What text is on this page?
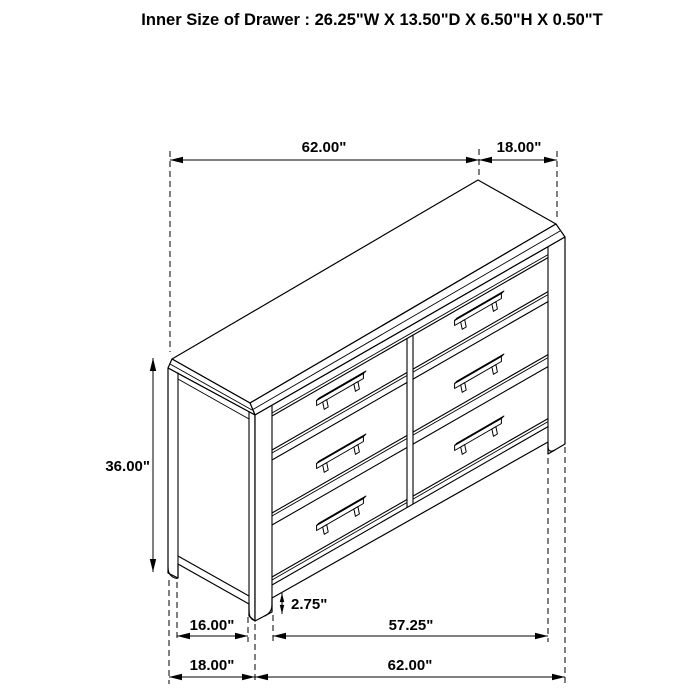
Inner Size of Drawer : 26.25"W X 13.50"D X 6.50"H X 0.50"T
62.00"	18.00"
36.00"
2.75"
16.00"	57.25"
18.00"	62.00"
